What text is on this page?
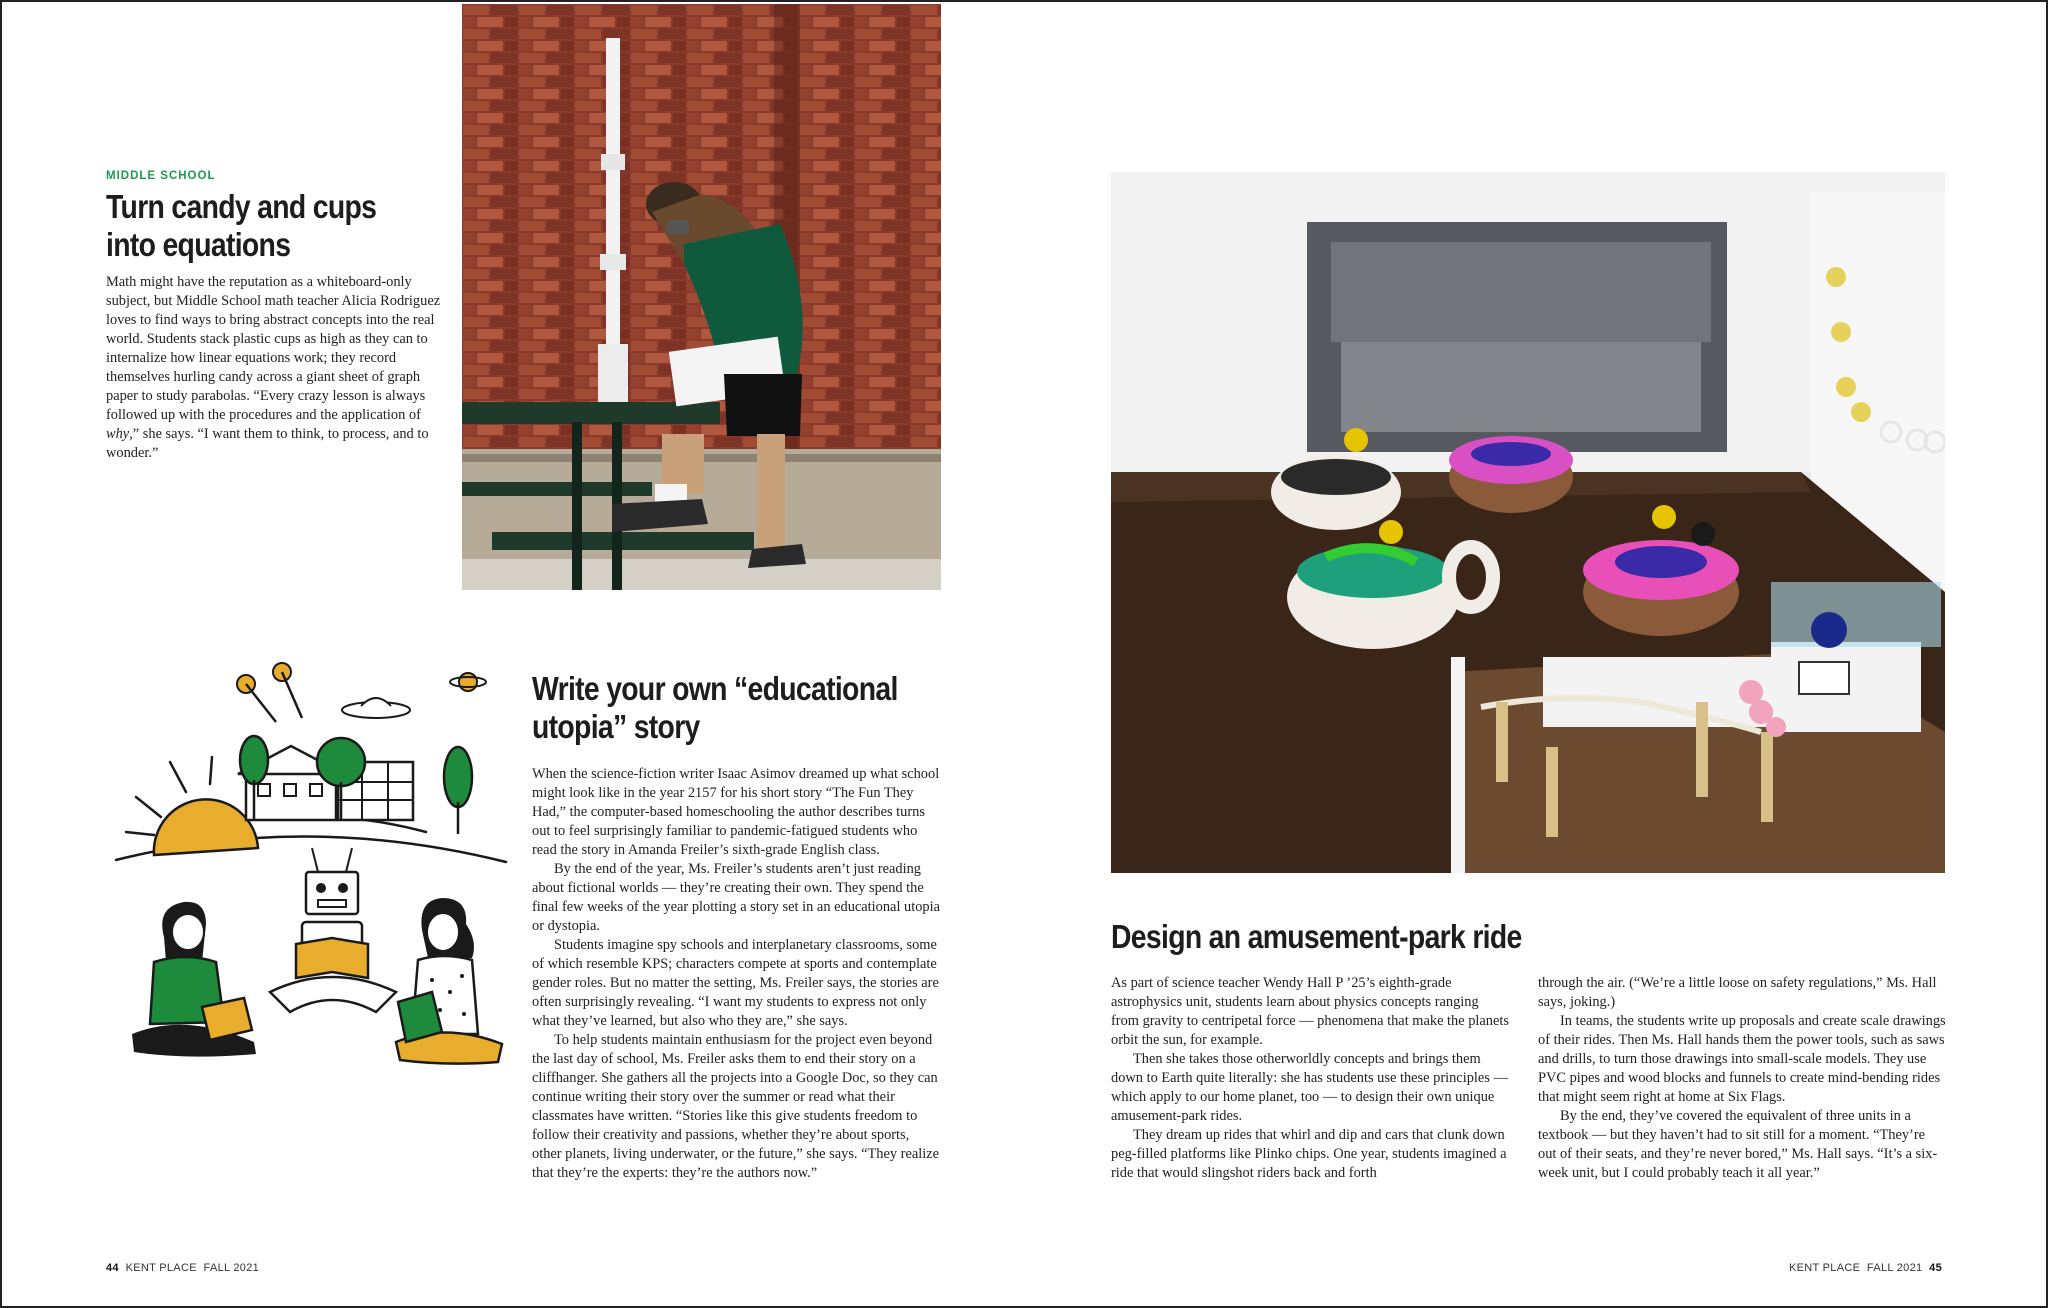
MIDDLE SCHOOL
Turn candy and cups
into equations

Math might have the reputation as a whiteboard-only subject, but Middle School math teacher Alicia Rodriguez loves to find ways to bring abstract concepts into the real world. Students stack plastic cups as high as they can to internalize how linear equations work; they record themselves hurling candy across a giant sheet of graph paper to study parabolas. “Every crazy lesson is always followed up with the procedures and the application of why,” she says. “I want them to think, to process, and to wonder.”

Write your own “educational
utopia” story

When the science-fiction writer Isaac Asimov dreamed up what school might look like in the year 2157 for his short story “The Fun They Had,” the computer-based homeschooling the author describes turns out to feel surprisingly familiar to pandemic-fatigued students who read the story in Amanda Freiler’s sixth-grade English class.

By the end of the year, Ms. Freiler’s students aren’t just reading about fictional worlds — they’re creating their own. They spend the final few weeks of the year plotting a story set in an educational utopia or dystopia.

Students imagine spy schools and interplanetary classrooms, some of which resemble KPS; characters compete at sports and contemplate gender roles. But no matter the setting, Ms. Freiler says, the stories are often surprisingly revealing. “I want my students to express not only what they’ve learned, but also who they are,” she says.

To help students maintain enthusiasm for the project even beyond the last day of school, Ms. Freiler asks them to end their story on a cliffhanger. She gathers all the projects into a Google Doc, so they can continue writing their story over the summer or read what their classmates have written. “Stories like this give students freedom to follow their creativity and passions, whether they’re about sports, other planets, living underwater, or the future,” she says. “They realize that they’re the experts: they’re the authors now.”

44 KENT PLACE  FALL 2021
Design an amusement-park ride

As part of science teacher Wendy Hall P ’25’s eighth-grade astrophysics unit, students learn about physics concepts ranging from gravity to centripetal force — phenomena that make the planets orbit the sun, for example.

Then she takes those otherworldly concepts and brings them down to Earth quite literally: she has students use these principles — which apply to our home planet, too — to design their own unique amusement-park rides.

They dream up rides that whirl and dip and cars that clunk down peg-filled platforms like Plinko chips. One year, students imagined a ride that would slingshot riders back and forth

through the air. (“We’re a little loose on safety regulations,” Ms. Hall says, joking.)

In teams, the students write up proposals and create scale drawings of their rides. Then Ms. Hall hands them the power tools, such as saws and drills, to turn those drawings into small-scale models. They use PVC pipes and wood blocks and funnels to create mind-bending rides that might seem right at home at Six Flags.

By the end, they’ve covered the equivalent of three units in a textbook — but they haven’t had to sit still for a moment. “They’re out of their seats, and they’re never bored,” Ms. Hall says. “It’s a six-week unit, but I could probably teach it all year.”

KENT PLACE  FALL 2021 45
